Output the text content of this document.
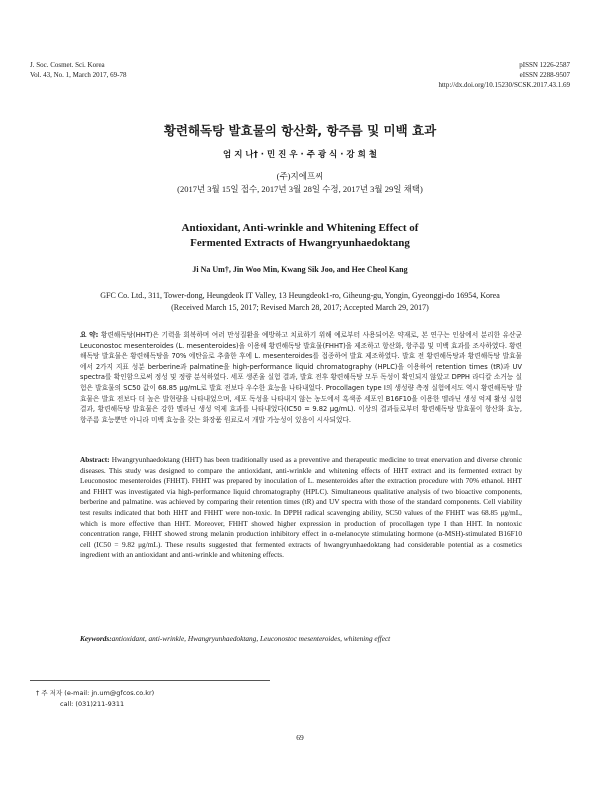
J. Soc. Cosmet. Sci. Korea
Vol. 43, No. 1, March 2017, 69-78
pISSN 1226-2587
eISSN 2288-9507
http://dx.doi.org/10.15230/SCSK.2017.43.1.69
황련해독탕 발효물의 항산화, 항주름 및 미백 효과
엄 지 나† · 민 진 우 · 주 광 식 · 강 희 철
(주)지에프씨
(2017년 3월 15일 접수, 2017년 3월 28일 수정, 2017년 3월 29일 채택)
Antioxidant, Anti-wrinkle and Whitening Effect of
Fermented Extracts of Hwangryunhaedoktang
Ji Na Um†, Jin Woo Min, Kwang Sik Joo, and Hee Cheol Kang
GFC Co. Ltd., 311, Tower-dong, Heungdeok IT Valley, 13 Heungdeok1-ro, Giheung-gu, Yongin, Gyeonggi-do 16954, Korea
(Received March 15, 2017; Revised March 28, 2017; Accepted March 29, 2017)

요 약: 황련해독탕(HHT)은 기력을 회복하며 여러 만성질환을 예방하고 치료하기 위해 예로부터 사용되어온 약재로, 본 연구는 인삼에서 분리한 유산균 Leuconostoc mesenteroides (L. mesenteroides)을 이용해 황련해독탕 발효물(FHHT)을 제조하고 항산화, 항주름 및 미백 효과를 조사하였다. 황련해독탕 발효물은 황련해독탕을 70% 에탄올로 추출한 후에 L. mesenteroides를 접종하여 발효 제조하였다. 발효 전 황련해독탕과 황련해독탕 발효물에서 2가지 지표 성분 berberine과 palmatine을 high-performance liquid chromatography (HPLC)을 이용하여 retention times (tR)과 UV spectra를 확인함으로써 정성 및 정량 분석하였다. 세포 생존율 실험 결과, 발효 전후 황련해독탕 모두 독성이 확인되지 않았고 DPPH 라디칼 소거능 실험은 발효물의 SC50 값이 68.85 μg/mL로 발효 전보다 우수한 효능을 나타내었다. Procollagen type I의 생성량 측정 실험에서도 역시 황련해독탕 발효물은 발효 전보다 더 높은 발현량을 나타내었으며, 세포 독성을 나타내지 않는 농도에서 흑색종 세포인 B16F10을 이용한 멜라닌 생성 억제 활성 실험 결과, 황련해독탕 발효물은 강한 멜라닌 생성 억제 효과를 나타내었다(IC50 = 9.82 μg/mL). 이상의 결과들로부터 황련해독탕 발효물이 항산화 효능, 항주름 효능뿐만 아니라 미백 효능을 갖는 화장품 원료로서 개발 가능성이 있음이 시사되었다.

Abstract: Hwangryunhaedoktang (HHT) has been traditionally used as a preventive and therapeutic medicine to treat enervation and diverse chronic diseases. This study was designed to compare the antioxidant, anti-wrinkle and whitening effects of HHT extract and its fermented extract by Leuconostoc mesenteroides (FHHT). FHHT was prepared by inoculation of L. mesenteroides after the extraction procedure with 70% ethanol. HHT and FHHT was investigated via high-performance liquid chromatography (HPLC). Simultaneous qualitative analysis of two bioactive components, berberine and palmatine. was achieved by comparing their retention times (tR) and UV spectra with those of the standard components. Cell viability test results indicated that both HHT and FHHT were non-toxic. In DPPH radical scavenging ability, SC50 values of the FHHT was 68.85 μg/mL, which is more effective than HHT. Moreover, FHHT showed higher expression in production of procollagen type I than HHT. In nontoxic concentration range, FHHT showed strong melanin production inhibitory effect in α-melanocyte stimulating hormone (α-MSH)-stimulated B16F10 cell (IC50 = 9.82 μg/mL). These results suggested that fermented extracts of hwangryunhaedoktang had considerable potential as a cosmetics ingredient with an antioxidant and anti-wrinkle and whitening effects.

Keywords:antioxidant, anti-wrinkle, Hwangryunhaedoktang, Leuconostoc mesenteroides, whitening effect
† 주 저자 (e-mail: jn.um@gfcos.co.kr)
call: (031)211-9311
69
